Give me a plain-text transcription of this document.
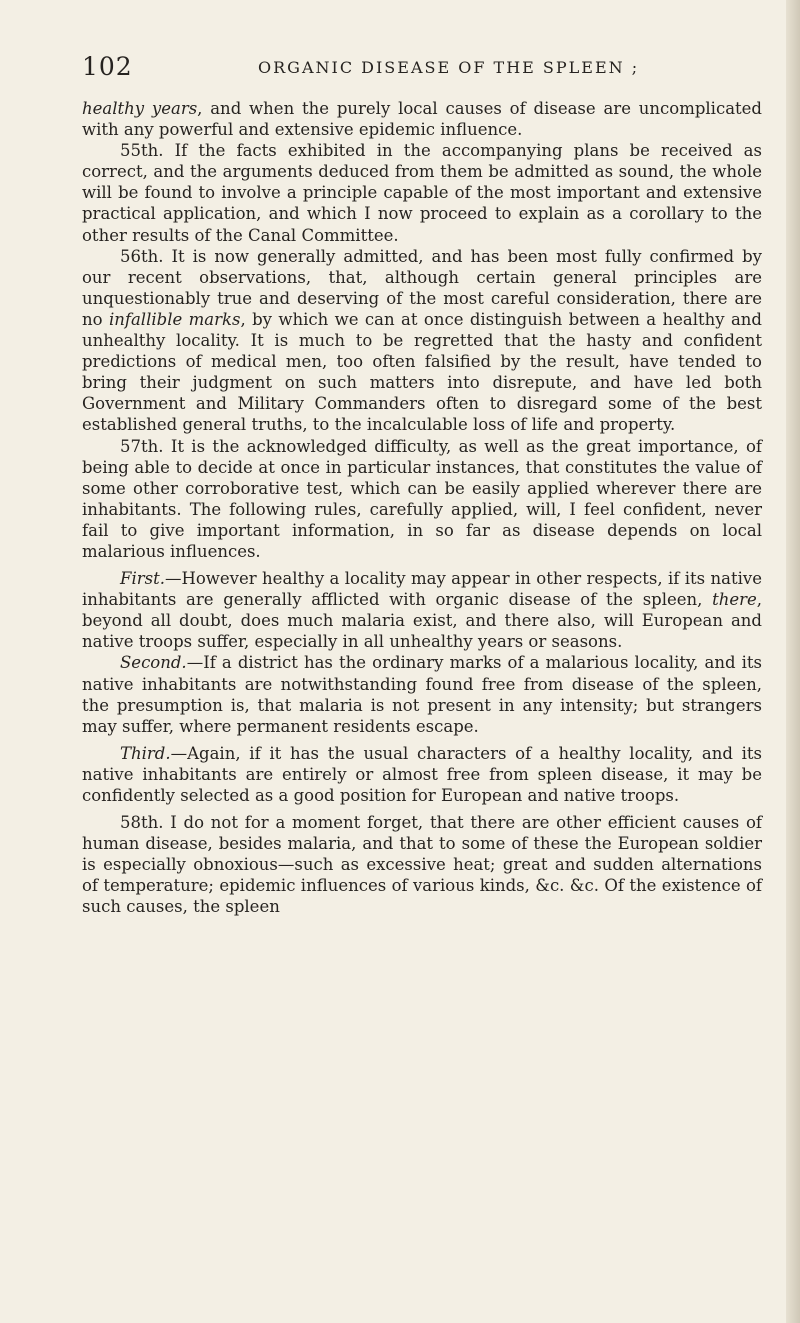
102	ORGANIC DISEASE OF THE SPLEEN ;

healthy years, and when the purely local causes of disease are uncomplicated with any powerful and extensive epidemic influence.

55th. If the facts exhibited in the accompanying plans be received as correct, and the arguments deduced from them be admitted as sound, the whole will be found to involve a principle capable of the most important and extensive practical application, and which I now proceed to explain as a corollary to the other results of the Canal Committee.

56th. It is now generally admitted, and has been most fully confirmed by our recent observations, that, although certain general principles are unquestionably true and deserving of the most careful consideration, there are no infallible marks, by which we can at once distinguish between a healthy and unhealthy locality. It is much to be regretted that the hasty and confident predictions of medical men, too often falsified by the result, have tended to bring their judgment on such matters into disrepute, and have led both Government and Military Commanders often to disregard some of the best established general truths, to the incalculable loss of life and property.

57th. It is the acknowledged difficulty, as well as the great importance, of being able to decide at once in particular instances, that constitutes the value of some other corroborative test, which can be easily applied wherever there are inhabitants. The following rules, carefully applied, will, I feel confident, never fail to give important information, in so far as disease depends on local malarious influences.

First.—However healthy a locality may appear in other respects, if its native inhabitants are generally afflicted with organic disease of the spleen, there, beyond all doubt, does much malaria exist, and there also, will European and native troops suffer, especially in all unhealthy years or seasons.

Second.—If a district has the ordinary marks of a malarious locality, and its native inhabitants are notwithstanding found free from disease of the spleen, the presumption is, that malaria is not present in any intensity; but strangers may suffer, where permanent residents escape.

Third.—Again, if it has the usual characters of a healthy locality, and its native inhabitants are entirely or almost free from spleen disease, it may be confidently selected as a good position for European and native troops.

58th. I do not for a moment forget, that there are other efficient causes of human disease, besides malaria, and that to some of these the European soldier is especially obnoxious—such as excessive heat; great and sudden alternations of temperature; epidemic influences of various kinds, &c. &c. Of the existence of such causes, the spleen
